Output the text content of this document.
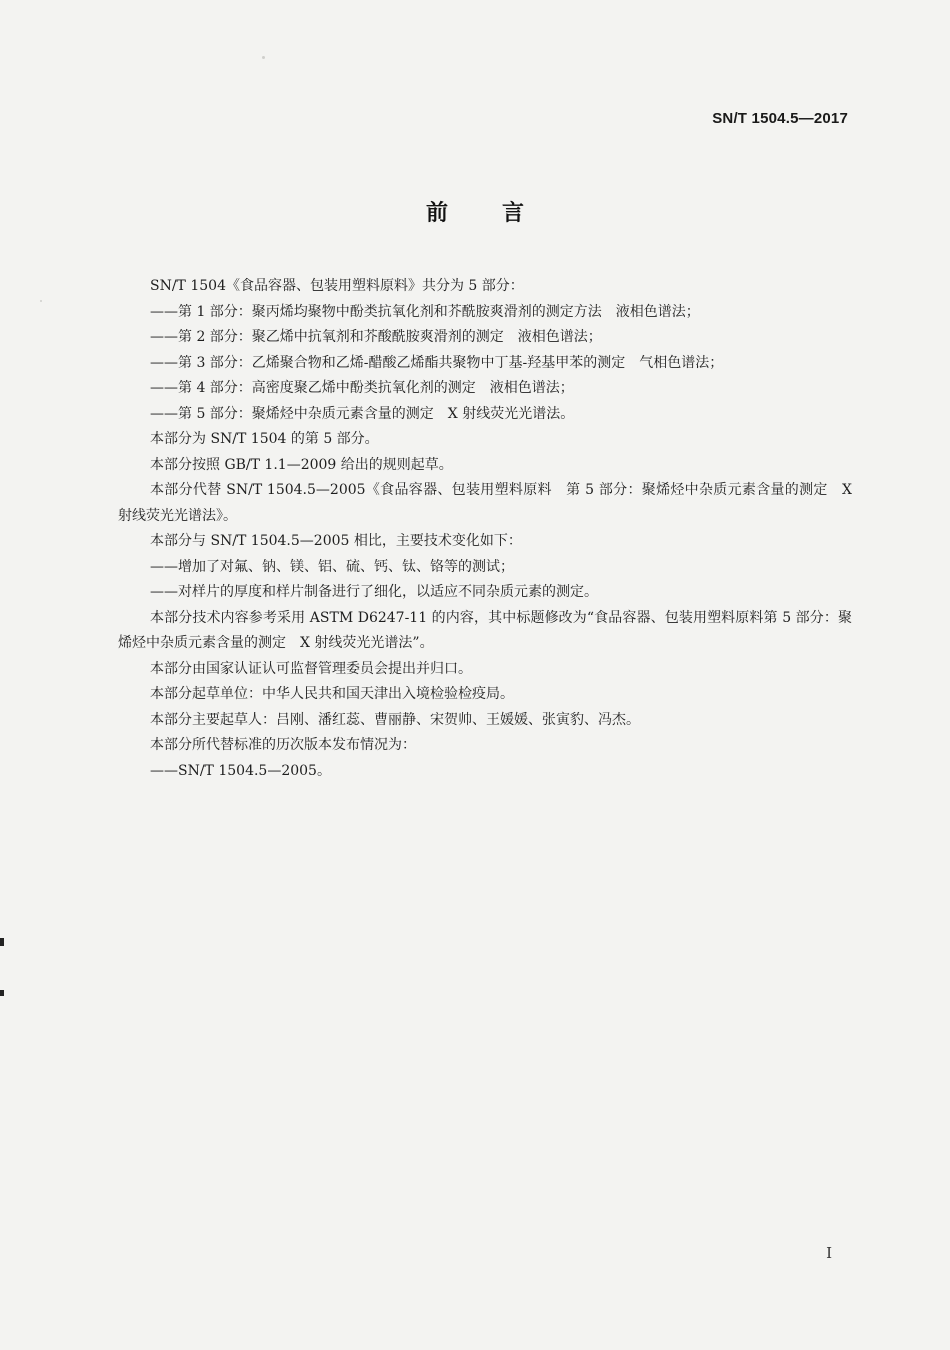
SN/T 1504.5—2017
前言

SN/T 1504《食品容器、包装用塑料原料》共分为 5 部分：

——第 1 部分：聚丙烯均聚物中酚类抗氧化剂和芥酰胺爽滑剂的测定方法　液相色谱法；

——第 2 部分：聚乙烯中抗氧剂和芥酸酰胺爽滑剂的测定　液相色谱法；

——第 3 部分：乙烯聚合物和乙烯-醋酸乙烯酯共聚物中丁基-羟基甲苯的测定　气相色谱法；

——第 4 部分：高密度聚乙烯中酚类抗氧化剂的测定　液相色谱法；

——第 5 部分：聚烯烃中杂质元素含量的测定　X 射线荧光光谱法。

本部分为 SN/T 1504 的第 5 部分。

本部分按照 GB/T 1.1—2009 给出的规则起草。

本部分代替 SN/T 1504.5—2005《食品容器、包装用塑料原料　第 5 部分：聚烯烃中杂质元素含量的测定　X 射线荧光光谱法》。

本部分与 SN/T 1504.5—2005 相比，主要技术变化如下：

——增加了对氟、钠、镁、铝、硫、钙、钛、铬等的测试；

——对样片的厚度和样片制备进行了细化，以适应不同杂质元素的测定。

本部分技术内容参考采用 ASTM D6247-11 的内容，其中标题修改为“食品容器、包装用塑料原料第 5 部分：聚烯烃中杂质元素含量的测定　X 射线荧光光谱法”。

本部分由国家认证认可监督管理委员会提出并归口。

本部分起草单位：中华人民共和国天津出入境检验检疫局。

本部分主要起草人：吕刚、潘红蕊、曹丽静、宋贺帅、王媛媛、张寅豹、冯杰。

本部分所代替标准的历次版本发布情况为：

——SN/T 1504.5—2005。

I
